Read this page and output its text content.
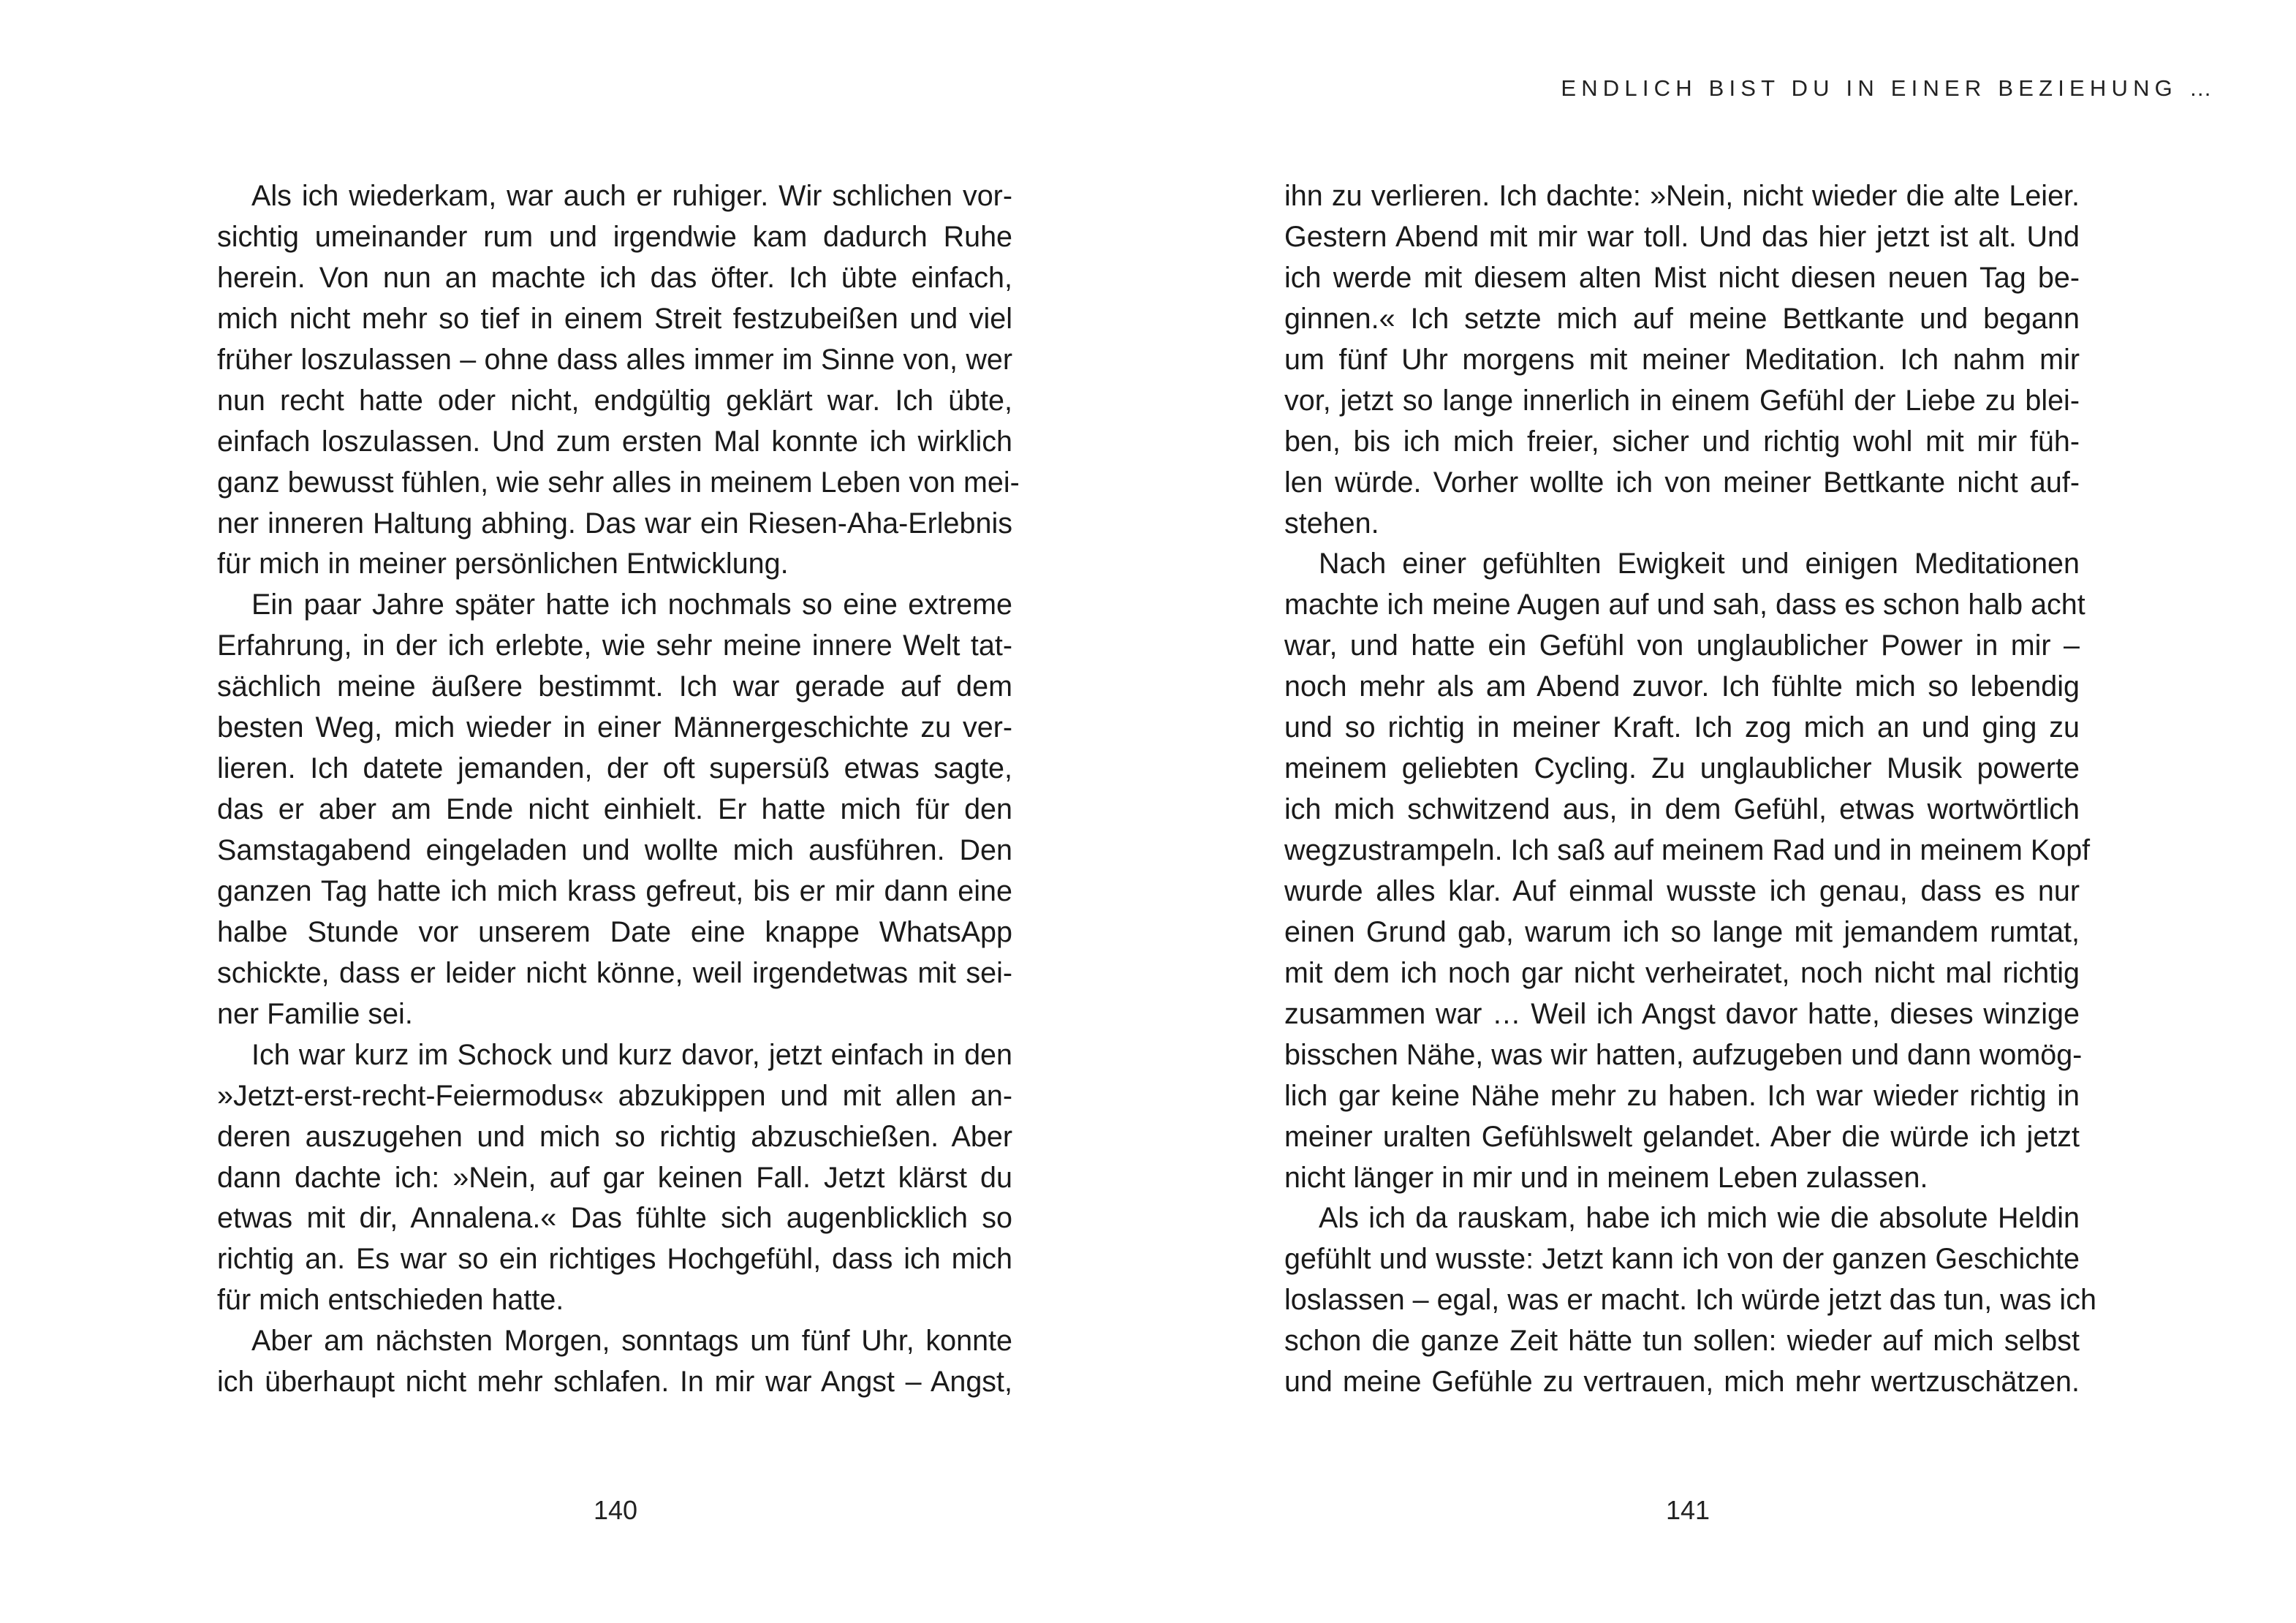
ENDLICH BIST DU IN EINER BEZIEHUNG …
Als ich wiederkam, war auch er ruhiger. Wir schlichen vor-
sichtig umeinander rum und irgendwie kam dadurch Ruhe
herein. Von nun an machte ich das öfter. Ich übte einfach,
mich nicht mehr so tief in einem Streit festzubeißen und viel
früher loszulassen – ohne dass alles immer im Sinne von, wer
nun recht hatte oder nicht, endgültig geklärt war. Ich übte,
einfach loszulassen. Und zum ersten Mal konnte ich wirklich
ganz bewusst fühlen, wie sehr alles in meinem Leben von mei-
ner inneren Haltung abhing. Das war ein Riesen-Aha-Erlebnis
für mich in meiner persönlichen Entwicklung.
Ein paar Jahre später hatte ich nochmals so eine extreme
Erfahrung, in der ich erlebte, wie sehr meine innere Welt tat-
sächlich meine äußere bestimmt. Ich war gerade auf dem
besten Weg, mich wieder in einer Männergeschichte zu ver-
lieren. Ich datete jemanden, der oft supersüß etwas sagte,
das er aber am Ende nicht einhielt. Er hatte mich für den
Samstagabend eingeladen und wollte mich ausführen. Den
ganzen Tag hatte ich mich krass gefreut, bis er mir dann eine
halbe Stunde vor unserem Date eine knappe WhatsApp
schickte, dass er leider nicht könne, weil irgendetwas mit sei-
ner Familie sei.
Ich war kurz im Schock und kurz davor, jetzt einfach in den
»Jetzt-erst-recht-Feiermodus« abzukippen und mit allen an-
deren auszugehen und mich so richtig abzuschießen. Aber
dann dachte ich: »Nein, auf gar keinen Fall. Jetzt klärst du
etwas mit dir, Annalena.« Das fühlte sich augenblicklich so
richtig an. Es war so ein richtiges Hochgefühl, dass ich mich
für mich entschieden hatte.
Aber am nächsten Morgen, sonntags um fünf Uhr, konnte
ich überhaupt nicht mehr schlafen. In mir war Angst – Angst,
ihn zu verlieren. Ich dachte: »Nein, nicht wieder die alte Leier.
Gestern Abend mit mir war toll. Und das hier jetzt ist alt. Und
ich werde mit diesem alten Mist nicht diesen neuen Tag be-
ginnen.« Ich setzte mich auf meine Bettkante und begann
um fünf Uhr morgens mit meiner Meditation. Ich nahm mir
vor, jetzt so lange innerlich in einem Gefühl der Liebe zu blei-
ben, bis ich mich freier, sicher und richtig wohl mit mir füh-
len würde. Vorher wollte ich von meiner Bettkante nicht auf-
stehen.
Nach einer gefühlten Ewigkeit und einigen Meditationen
machte ich meine Augen auf und sah, dass es schon halb acht
war, und hatte ein Gefühl von unglaublicher Power in mir –
noch mehr als am Abend zuvor. Ich fühlte mich so lebendig
und so richtig in meiner Kraft. Ich zog mich an und ging zu
meinem geliebten Cycling. Zu unglaublicher Musik powerte
ich mich schwitzend aus, in dem Gefühl, etwas wortwörtlich
wegzustrampeln. Ich saß auf meinem Rad und in meinem Kopf
wurde alles klar. Auf einmal wusste ich genau, dass es nur
einen Grund gab, warum ich so lange mit jemandem rumtat,
mit dem ich noch gar nicht verheiratet, noch nicht mal richtig
zusammen war … Weil ich Angst davor hatte, dieses winzige
bisschen Nähe, was wir hatten, aufzugeben und dann womög-
lich gar keine Nähe mehr zu haben. Ich war wieder richtig in
meiner uralten Gefühlswelt gelandet. Aber die würde ich jetzt
nicht länger in mir und in meinem Leben zulassen.
Als ich da rauskam, habe ich mich wie die absolute Heldin
gefühlt und wusste: Jetzt kann ich von der ganzen Geschichte
loslassen – egal, was er macht. Ich würde jetzt das tun, was ich
schon die ganze Zeit hätte tun sollen: wieder auf mich selbst
und meine Gefühle zu vertrauen, mich mehr wertzuschätzen.
140	141
